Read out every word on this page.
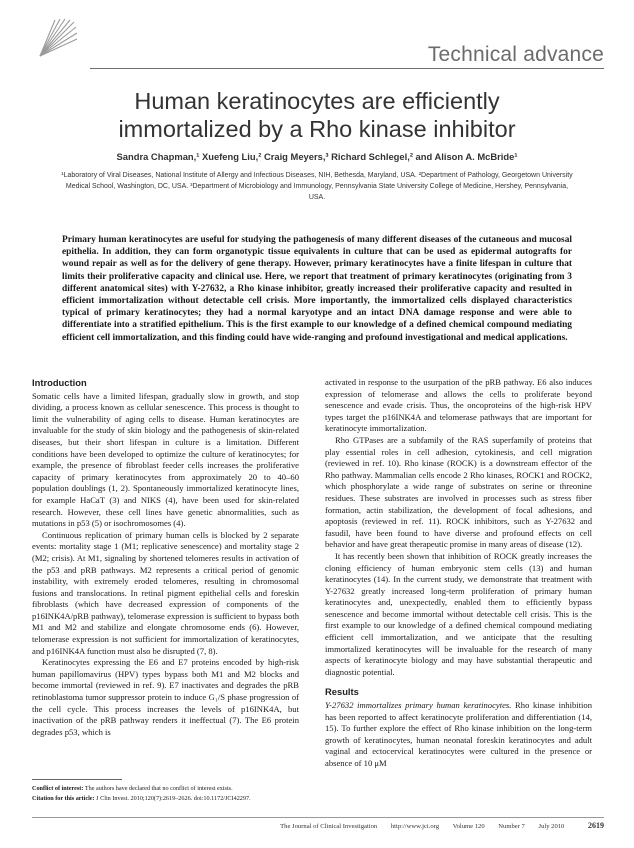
Technical advance
Human keratinocytes are efficiently
immortalized by a Rho kinase inhibitor
Sandra Chapman,¹ Xuefeng Liu,² Craig Meyers,³ Richard Schlegel,² and Alison A. McBride¹
¹Laboratory of Viral Diseases, National Institute of Allergy and Infectious Diseases, NIH, Bethesda, Maryland, USA. ²Department of Pathology, Georgetown University Medical School, Washington, DC, USA. ³Department of Microbiology and Immunology, Pennsylvania State University College of Medicine, Hershey, Pennsylvania, USA.
Primary human keratinocytes are useful for studying the pathogenesis of many different diseases of the cutaneous and mucosal epithelia. In addition, they can form organotypic tissue equivalents in culture that can be used as epidermal autografts for wound repair as well as for the delivery of gene therapy. However, primary keratinocytes have a finite lifespan in culture that limits their proliferative capacity and clinical use. Here, we report that treatment of primary keratinocytes (originating from 3 different anatomical sites) with Y-27632, a Rho kinase inhibitor, greatly increased their proliferative capacity and resulted in efficient immortalization without detectable cell crisis. More importantly, the immortalized cells displayed characteristics typical of primary keratinocytes; they had a normal karyotype and an intact DNA damage response and were able to differentiate into a stratified epithelium. This is the first example to our knowledge of a defined chemical compound mediating efficient cell immortalization, and this finding could have wide-ranging and profound investigational and medical applications.
Introduction

Somatic cells have a limited lifespan, gradually slow in growth, and stop dividing, a process known as cellular senescence. This process is thought to limit the vulnerability of aging cells to disease. Human keratinocytes are invaluable for the study of skin biology and the pathogenesis of skin-related diseases, but their short lifespan in culture is a limitation. Different conditions have been developed to optimize the culture of keratinocytes; for example, the presence of fibroblast feeder cells increases the proliferative capacity of primary keratinocytes from approximately 20 to 40–60 population doublings (1, 2). Spontaneously immortalized keratinocyte lines, for example HaCaT (3) and NIKS (4), have been used for skin-related research. However, these cell lines have genetic abnormalities, such as mutations in p53 (5) or isochromosomes (4).

Continuous replication of primary human cells is blocked by 2 separate events: mortality stage 1 (M1; replicative senescence) and mortality stage 2 (M2; crisis). At M1, signaling by shortened telomeres results in activation of the p53 and pRB pathways. M2 represents a critical period of genomic instability, with extremely eroded telomeres, resulting in chromosomal fusions and translocations. In retinal pigment epithelial cells and foreskin fibroblasts (which have decreased expression of components of the p16INK4A/pRB pathway), telomerase expression is sufficient to bypass both M1 and M2 and stabilize and elongate chromosome ends (6). However, telomerase expression is not sufficient for immortalization of keratinocytes, and p16INK4A function must also be disrupted (7, 8).

Keratinocytes expressing the E6 and E7 proteins encoded by high-risk human papillomavirus (HPV) types bypass both M1 and M2 blocks and become immortal (reviewed in ref. 9). E7 inactivates and degrades the pRB retinoblastoma tumor suppressor protein to induce G₁/S phase progression of the cell cycle. This process increases the levels of p16INK4A, but inactivation of the pRB pathway renders it ineffectual (7). The E6 protein degrades p53, which is

activated in response to the usurpation of the pRB pathway. E6 also induces expression of telomerase and allows the cells to proliferate beyond senescence and evade crisis. Thus, the oncoproteins of the high-risk HPV types target the p16INK4A and telomerase pathways that are important for keratinocyte immortalization.

Rho GTPases are a subfamily of the RAS superfamily of proteins that play essential roles in cell adhesion, cytokinesis, and cell migration (reviewed in ref. 10). Rho kinase (ROCK) is a downstream effector of the Rho pathway. Mammalian cells encode 2 Rho kinases, ROCK1 and ROCK2, which phosphorylate a wide range of substrates on serine or threonine residues. These substrates are involved in processes such as stress fiber formation, actin stabilization, the development of focal adhesions, and apoptosis (reviewed in ref. 11). ROCK inhibitors, such as Y-27632 and fasudil, have been found to have diverse and profound effects on cell behavior and have great therapeutic promise in many areas of disease (12).

It has recently been shown that inhibition of ROCK greatly increases the cloning efficiency of human embryonic stem cells (13) and human keratinocytes (14). In the current study, we demonstrate that treatment with Y-27632 greatly increased long-term proliferation of primary human keratinocytes and, unexpectedly, enabled them to efficiently bypass senescence and become immortal without detectable cell crisis. This is the first example to our knowledge of a defined chemical compound mediating efficient cell immortalization, and we anticipate that the resulting immortalized keratinocytes will be invaluable for the research of many aspects of keratinocyte biology and may have substantial therapeutic and diagnostic potential.

Results

Y-27632 immortalizes primary human keratinocytes. Rho kinase inhibition has been reported to affect keratinocyte proliferation and differentiation (14, 15). To further explore the effect of Rho kinase inhibition on the long-term growth of keratinocytes, human neonatal foreskin keratinocytes and adult vaginal and ectocervical keratinocytes were cultured in the presence or absence of 10 μM

Conflict of interest: The authors have declared that no conflict of interest exists.
Citation for this article: J Clin Invest. 2010;120(7):2619–2626. doi:10.1172/JCI42297.
The Journal of Clinical Investigation http://www.jci.org Volume 120 Number 7 July 2010	2619
